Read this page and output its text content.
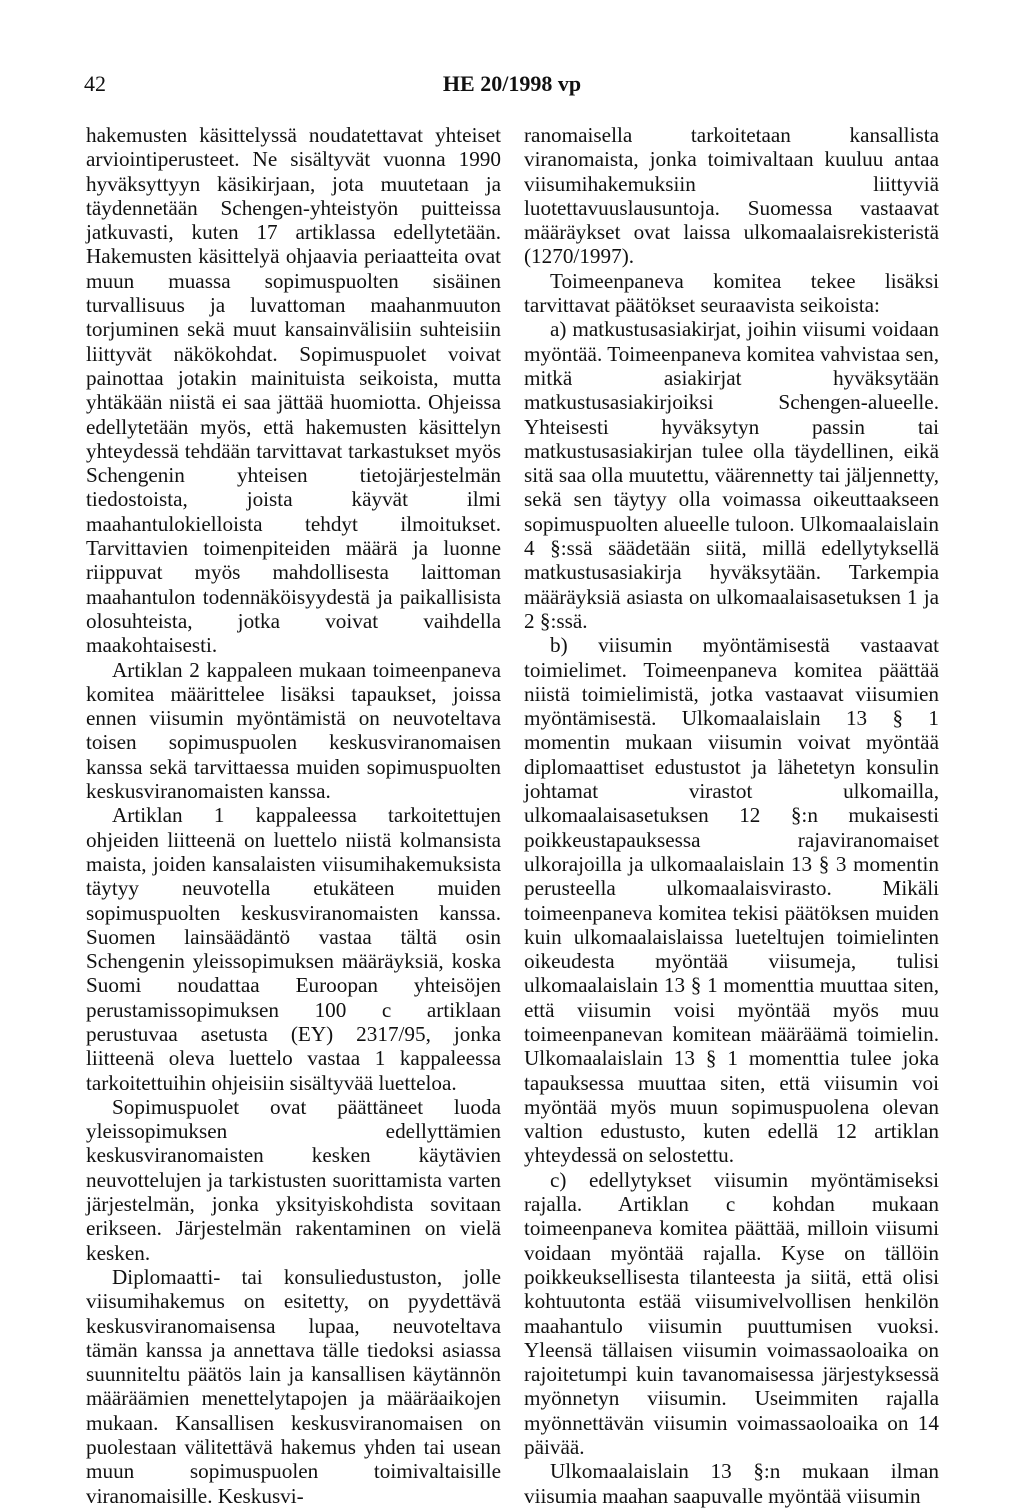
42	HE 20/1998 vp

hakemusten käsittelyssä noudatettavat yhteiset arviointiperusteet. Ne sisältyvät vuonna 1990 hyväksyttyyn käsikirjaan, jota muutetaan ja täydennetään Schengen-yhteistyön puitteissa jatkuvasti, kuten 17 artiklassa edellytetään. Hakemusten käsittelyä ohjaavia periaatteita ovat muun muassa sopimuspuolten sisäinen turvallisuus ja luvattoman maahanmuuton torjuminen sekä muut kansainvälisiin suhteisiin liittyvät näkökohdat. Sopimuspuolet voivat painottaa jotakin mainituista seikoista, mutta yhtäkään niistä ei saa jättää huomiotta. Ohjeissa edellytetään myös, että hakemusten käsittelyn yhteydessä tehdään tarvittavat tarkastukset myös Schengenin yhteisen tietojärjestelmän tiedostoista, joista käyvät ilmi maahantulokielloista tehdyt ilmoitukset. Tarvittavien toimenpiteiden määrä ja luonne riippuvat myös mahdollisesta laittoman maahantulon todennäköisyydestä ja paikallisista olosuhteista, jotka voivat vaihdella maakohtaisesti.

Artiklan 2 kappaleen mukaan toimeenpaneva komitea määrittelee lisäksi tapaukset, joissa ennen viisumin myöntämistä on neuvoteltava toisen sopimuspuolen keskusviranomaisen kanssa sekä tarvittaessa muiden sopimuspuolten keskusviranomaisten kanssa.

Artiklan 1 kappaleessa tarkoitettujen ohjeiden liitteenä on luettelo niistä kolmansista maista, joiden kansalaisten viisumihakemuksista täytyy neuvotella etukäteen muiden sopimuspuolten keskusviranomaisten kanssa. Suomen lainsäädäntö vastaa tältä osin Schengenin yleissopimuksen määräyksiä, koska Suomi noudattaa Euroopan yhteisöjen perustamissopimuksen 100 c artiklaan perustuvaa asetusta (EY) 2317/95, jonka liitteenä oleva luettelo vastaa 1 kappaleessa tarkoitettuihin ohjeisiin sisältyvää luetteloa.

Sopimuspuolet ovat päättäneet luoda yleissopimuksen edellyttämien keskusviranomaisten kesken käytävien neuvottelujen ja tarkistusten suorittamista varten järjestelmän, jonka yksityiskohdista sovitaan erikseen. Järjestelmän rakentaminen on vielä kesken.

Diplomaatti- tai konsuliedustuston, jolle viisumihakemus on esitetty, on pyydettävä keskusviranomaisensa lupaa, neuvoteltava tämän kanssa ja annettava tälle tiedoksi asiassa suunniteltu päätös lain ja kansallisen käytännön määräämien menettelytapojen ja määräaikojen mukaan. Kansallisen keskusviranomaisen on puolestaan välitettävä hakemus yhden tai usean muun sopimuspuolen toimivaltaisille viranomaisille. Keskusvi-

ranomaisella tarkoitetaan kansallista viranomaista, jonka toimivaltaan kuuluu antaa viisumihakemuksiin liittyviä luotettavuuslausuntoja. Suomessa vastaavat määräykset ovat laissa ulkomaalaisrekisteristä (1270/1997).

Toimeenpaneva komitea tekee lisäksi tarvittavat päätökset seuraavista seikoista:

a) matkustusasiakirjat, joihin viisumi voidaan myöntää. Toimeenpaneva komitea vahvistaa sen, mitkä asiakirjat hyväksytään matkustusasiakirjoiksi Schengen-alueelle. Yhteisesti hyväksytyn passin tai matkustusasiakirjan tulee olla täydellinen, eikä sitä saa olla muutettu, väärennetty tai jäljennetty, sekä sen täytyy olla voimassa oikeuttaakseen sopimuspuolten alueelle tuloon. Ulkomaalaislain 4 §:ssä säädetään siitä, millä edellytyksellä matkustusasiakirja hyväksytään. Tarkempia määräyksiä asiasta on ulkomaalaisasetuksen 1 ja 2 §:ssä.

b) viisumin myöntämisestä vastaavat toimielimet. Toimeenpaneva komitea päättää niistä toimielimistä, jotka vastaavat viisumien myöntämisestä. Ulkomaalaislain 13 § 1 momentin mukaan viisumin voivat myöntää diplomaattiset edustustot ja lähetetyn konsulin johtamat virastot ulkomailla, ulkomaalaisasetuksen 12 §:n mukaisesti poikkeustapauksessa rajaviranomaiset ulkorajoilla ja ulkomaalaislain 13 § 3 momentin perusteella ulkomaalaisvirasto. Mikäli toimeenpaneva komitea tekisi päätöksen muiden kuin ulkomaalaislaissa lueteltujen toimielinten oikeudesta myöntää viisumeja, tulisi ulkomaalaislain 13 § 1 momenttia muuttaa siten, että viisumin voisi myöntää myös muu toimeenpanevan komitean määräämä toimielin. Ulkomaalaislain 13 § 1 momenttia tulee joka tapauksessa muuttaa siten, että viisumin voi myöntää myös muun sopimuspuolena olevan valtion edustusto, kuten edellä 12 artiklan yhteydessä on selostettu.

c) edellytykset viisumin myöntämiseksi rajalla. Artiklan c kohdan mukaan toimeenpaneva komitea päättää, milloin viisumi voidaan myöntää rajalla. Kyse on tällöin poikkeuksellisesta tilanteesta ja siitä, että olisi kohtuutonta estää viisumivelvollisen henkilön maahantulo viisumin puuttumisen vuoksi. Yleensä tällaisen viisumin voimassaoloaika on rajoitetumpi kuin tavanomaisessa järjestyksessä myönnetyn viisumin. Useimmiten rajalla myönnettävän viisumin voimassaoloaika on 14 päivää.

Ulkomaalaislain 13 §:n mukaan ilman viisumia maahan saapuvalle myöntää viisumin
